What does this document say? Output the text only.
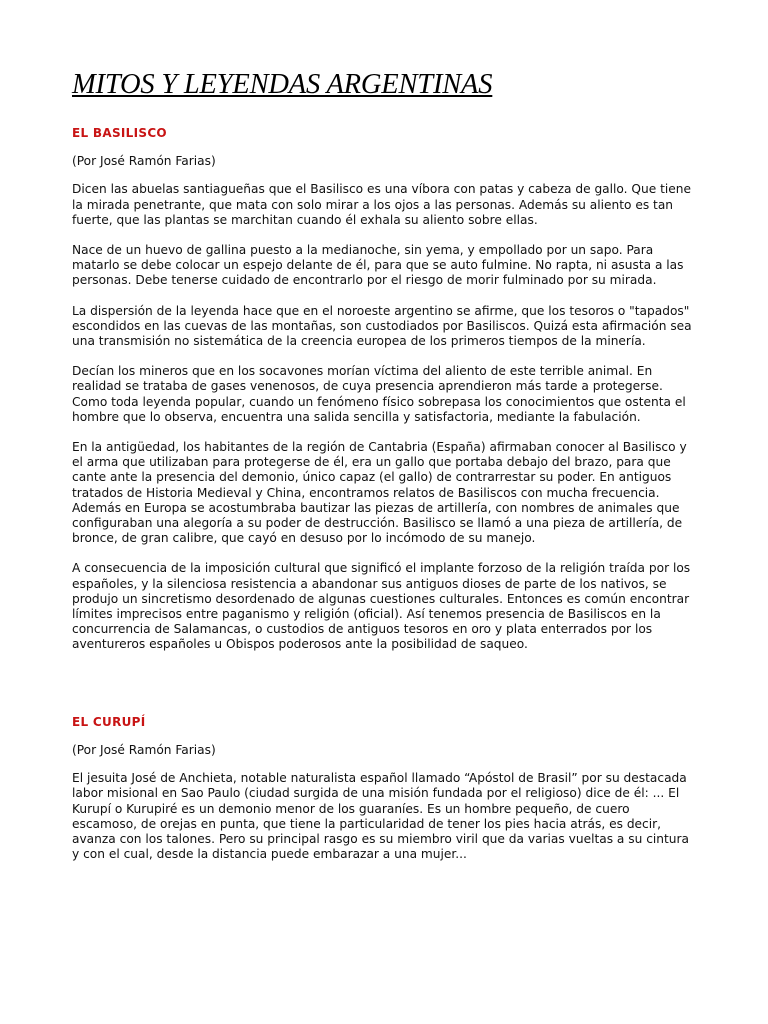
MITOS Y LEYENDAS ARGENTINAS
EL BASILISCO
(Por José Ramón Farias)

Dicen las abuelas santiagueñas que el Basilisco es una víbora con patas y cabeza de gallo. Que tiene la mirada penetrante, que mata con solo mirar a los ojos a las personas. Además su aliento es tan fuerte, que las plantas se marchitan cuando él exhala su aliento sobre ellas.

Nace de un huevo de gallina puesto a la medianoche, sin yema, y empollado por un sapo. Para matarlo se debe colocar un espejo delante de él, para que se auto fulmine. No rapta, ni asusta a las personas. Debe tenerse cuidado de encontrarlo por el riesgo de morir fulminado por su mirada.

La dispersión de la leyenda hace que en el noroeste argentino se afirme, que los tesoros o "tapados" escondidos en las cuevas de las montañas, son custodiados por Basiliscos. Quizá esta afirmación sea una transmisión no sistemática de la creencia europea de los primeros tiempos de la minería.

Decían los mineros que en los socavones morían víctima del aliento de este terrible animal. En realidad se trataba de gases venenosos, de cuya presencia aprendieron más tarde a protegerse. Como toda leyenda popular, cuando un fenómeno físico sobrepasa los conocimientos que ostenta el hombre que lo observa, encuentra una salida sencilla y satisfactoria, mediante la fabulación.

En la antigüedad, los habitantes de la región de Cantabria (España) afirmaban conocer al Basilisco y el arma que utilizaban para protegerse de él, era un gallo que portaba debajo del brazo, para que cante ante la presencia del demonio, único capaz (el gallo) de contrarrestar su poder. En antiguos tratados de Historia Medieval y China, encontramos relatos de Basiliscos con mucha frecuencia. Además en Europa se acostumbraba bautizar las piezas de artillería, con nombres de animales que configuraban una alegoría a su poder de destrucción. Basilisco se llamó a una pieza de artillería, de bronce, de gran calibre, que cayó en desuso por lo incómodo de su manejo.

A consecuencia de la imposición cultural que significó el implante forzoso de la religión traída por los españoles, y la silenciosa resistencia a abandonar sus antiguos dioses de parte de los nativos, se produjo un sincretismo desordenado de algunas cuestiones culturales. Entonces es común encontrar límites imprecisos entre paganismo y religión (oficial). Así tenemos presencia de Basiliscos en la concurrencia de Salamancas, o custodios de antiguos tesoros en oro y plata enterrados por los aventureros españoles u Obispos poderosos ante la posibilidad de saqueo.

EL CURUPÍ
(Por José Ramón Farias)

El jesuita José de Anchieta, notable naturalista español llamado “Apóstol de Brasil” por su destacada labor misional en Sao Paulo (ciudad surgida de una misión fundada por el religioso) dice de él: ... El Kurupí o Kurupiré es un demonio menor de los guaraníes. Es un hombre pequeño, de cuero escamoso, de orejas en punta, que tiene la particularidad de tener los pies hacia atrás, es decir, avanza con los talones. Pero su principal rasgo es su miembro viril que da varias vueltas a su cintura y con el cual, desde la distancia puede embarazar a una mujer...
